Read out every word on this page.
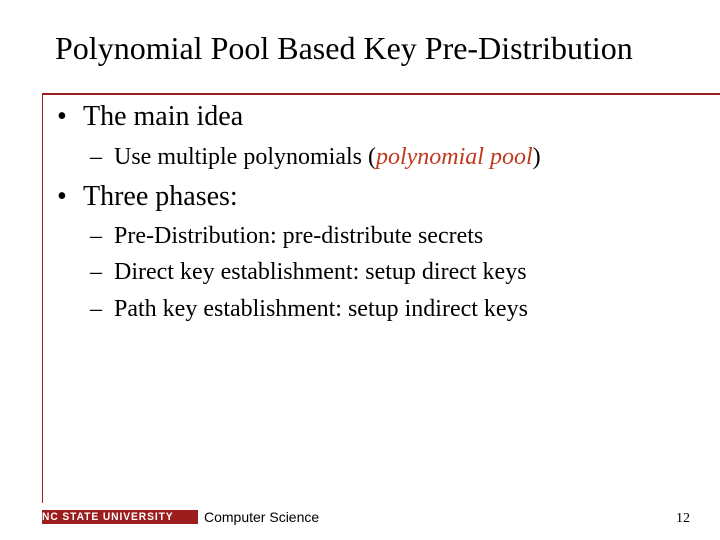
Polynomial Pool Based Key Pre-Distribution
• The main idea
– Use multiple polynomials (polynomial pool)
• Three phases:
– Pre-Distribution: pre-distribute secrets
– Direct key establishment: setup direct keys
– Path key establishment: setup indirect keys
NC STATE UNIVERSITY	Computer Science	12
